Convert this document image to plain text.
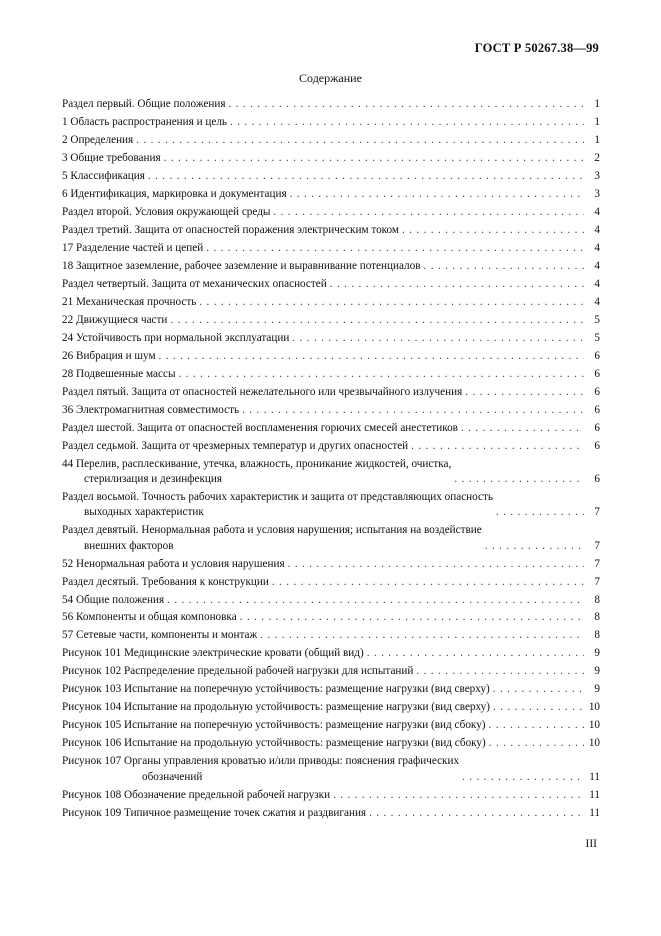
ГОСТ Р 50267.38—99
Содержание
Раздел первый. Общие положения . . .	1
1 Область распространения и цель . . .	1
2 Определения . . .	1
3 Общие требования . . .	2
5 Классификация . . .	3
6 Идентификация, маркировка и документация . . .	3
Раздел второй. Условия окружающей среды . . .	4
Раздел третий. Защита от опасностей поражения электрическим током . . .	4
17 Разделение частей и цепей . . .	4
18 Защитное заземление, рабочее заземление и выравнивание потенциалов . . .	4
Раздел четвертый. Защита от механических опасностей . . .	4
21 Механическая прочность . . .	4
22 Движущиеся части . . .	5
24 Устойчивость при нормальной эксплуатации . . .	5
26 Вибрация и шум . . .	6
28 Подвешенные массы . . .	6
Раздел пятый. Защита от опасностей нежелательного или чрезвычайного излучения . . .	6
36 Электромагнитная совместимость . . .	6
Раздел шестой. Защита от опасностей воспламенения горючих смесей анестетиков . . .	6
Раздел седьмой. Защита от чрезмерных температур и других опасностей . . .	6
44 Перелив, расплескивание, утечка, влажность, проникание жидкостей, очистка,
стерилизация и дезинфекция . . .	6
Раздел восьмой. Точность рабочих характеристик и защита от представляющих опасность
выходных характеристик . . .	7
Раздел девятый. Ненормальная работа и условия нарушения; испытания на воздействие
внешних факторов . . .	7
52 Ненормальная работа и условия нарушения . . .	7
Раздел десятый. Требования к конструкции . . .	7
54 Общие положения . . .	8
56 Компоненты и общая компоновка . . .	8
57 Сетевые части, компоненты и монтаж . . .	8
Рисунок 101 Медицинские электрические кровати (общий вид) . . .	9
Рисунок 102 Распределение предельной рабочей нагрузки для испытаний . . .	9
Рисунок 103 Испытание на поперечную устойчивость: размещение нагрузки (вид сверху) . . .	9
Рисунок 104 Испытание на продольную устойчивость: размещение нагрузки (вид сверху) . . .	10
Рисунок 105 Испытание на поперечную устойчивость: размещение нагрузки (вид сбоку) . . .	10
Рисунок 106 Испытание на продольную устойчивость: размещение нагрузки (вид сбоку) . . .	10
Рисунок 107 Органы управления кроватью и/или приводы: пояснения графических
обозначений . . .	11
Рисунок 108 Обозначение предельной рабочей нагрузки . . .	11
Рисунок 109 Типичное размещение точек сжатия и раздвигания . . .	11
III
